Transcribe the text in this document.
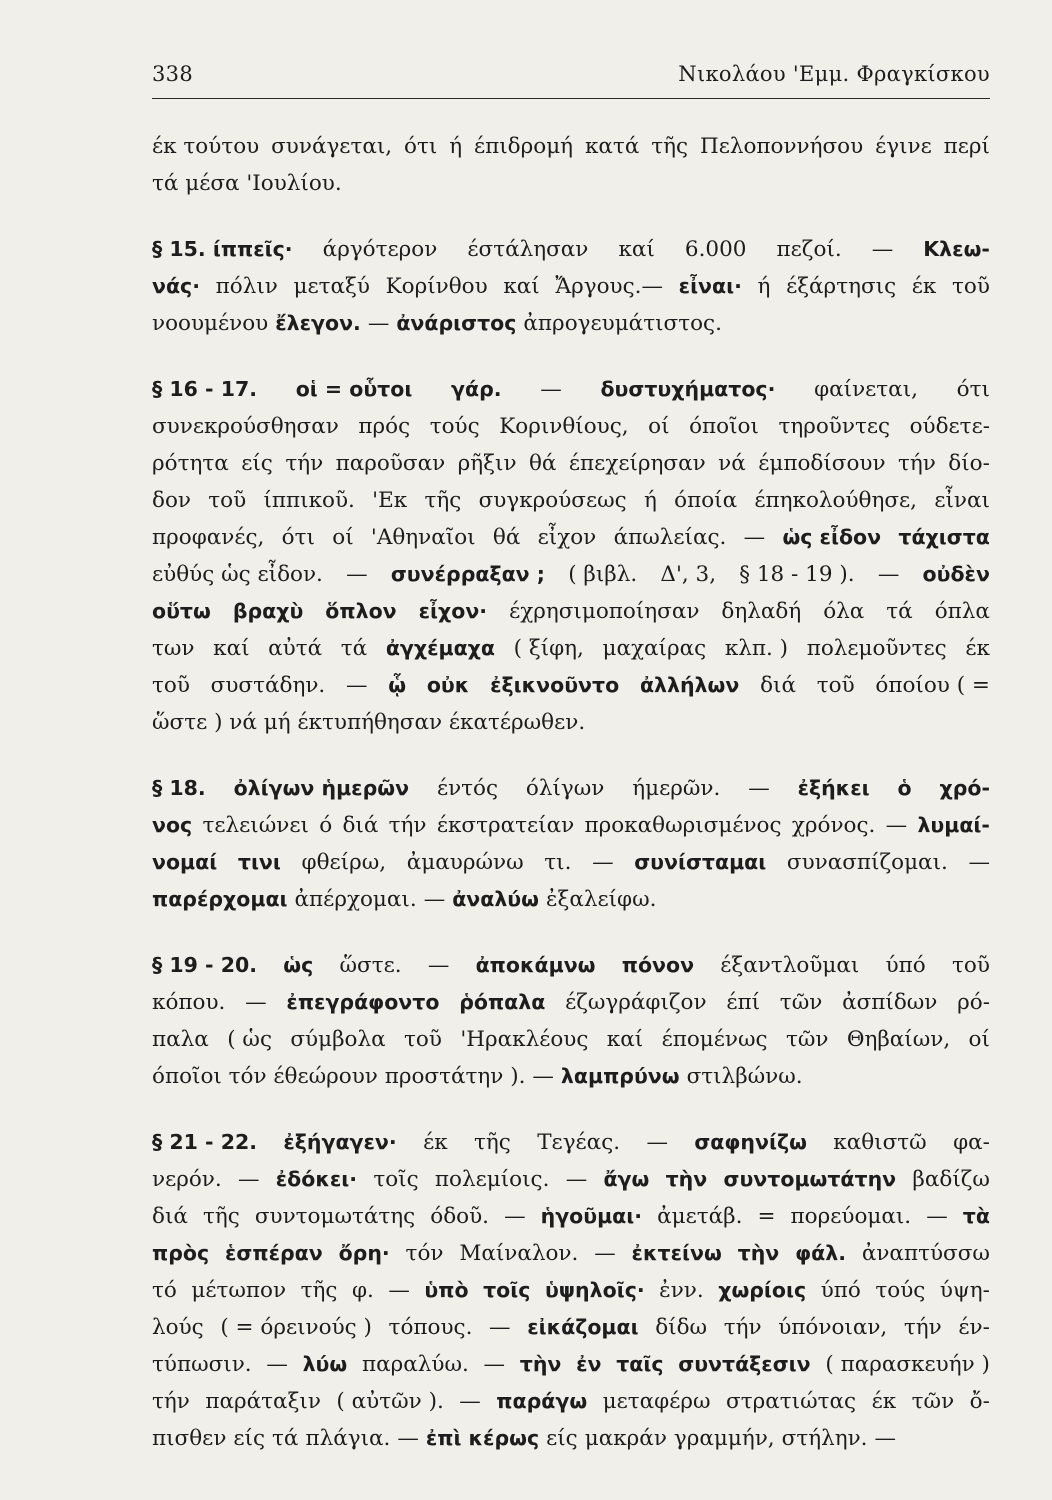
338	Νικολάου 'Εμμ. Φραγκίσκου
έκ τούτου συνάγεται, ότι ή έπιδρομή κατά τῆς Πελοποννήσου έγινε περί
τά μέσα 'Ιουλίου.
§ 15. ίππεῖς· άργότερον έστάλησαν καί 6.000 πεζοί. — Κλεω-
νάς· πόλιν μεταξύ Κορίνθου καί Ἄργους.— εἶναι· ή έξάρτησις έκ τοῦ
νοουμένου ἔλεγον. — ἀνάριστος ἀπρογευμάτιστος.
§ 16 - 17. οἱ = οὗτοι γάρ. — δυστυχήματος· φαίνεται, ότι
συνεκρούσθησαν πρός τούς Κορινθίους, οί όποῖοι τηροῦντες ούδετε-
ρότητα είς τήν παροῦσαν ρῆξιν θά έπεχείρησαν νά έμποδίσουν τήν δίο-
δον τοῦ ίππικοῦ. 'Εκ τῆς συγκρούσεως ή όποία έπηκολούθησε, εἶναι
προφανές, ότι οί 'Αθηναῖοι θά εἶχον άπωλείας. — ὡς εἶδον τάχιστα
εὐθύς ὡς εἶδον. — συνέρραξαν ; ( βιβλ. Δ', 3, § 18 - 19 ). — οὐδὲν
οὕτω βραχὺ ὅπλον εἶχον· έχρησιμοποίησαν δηλαδή όλα τά όπλα
των καί αὐτά τά ἀγχέμαχα ( ξίφη, μαχαίρας κλπ. ) πολεμοῦντες έκ
τοῦ συστάδην. — ᾧ οὐκ ἐξικνοῦντο ἀλλήλων διά τοῦ όποίου ( =
ὥστε ) νά μή έκτυπήθησαν έκατέρωθεν.
§ 18. ὀλίγων ἡμερῶν έντός όλίγων ήμερῶν. — ἐξήκει ὁ χρό-
νος τελειώνει ό διά τήν έκστρατείαν προκαθωρισμένος χρόνος. — λυμαί-
νομαί τινι φθείρω, ἀμαυρώνω τι. — συνίσταμαι συνασπίζομαι. —
παρέρχομαι ἀπέρχομαι. — ἀναλύω ἐξαλείφω.
§ 19 - 20. ὡς ὥστε. — ἀποκάμνω πόνον έξαντλοῦμαι ύπό τοῦ
κόπου. — ἐπεγράφοντο ῥόπαλα έζωγράφιζον έπί τῶν ἀσπίδων ρό-
παλα ( ὡς σύμβολα τοῦ 'Ηρακλέους καί έπομένως τῶν Θηβαίων, οί
όποῖοι τόν έθεώρουν προστάτην ). — λαμπρύνω στιλβώνω.
§ 21 - 22. ἐξήγαγεν· έκ τῆς Τεγέας. — σαφηνίζω καθιστῶ φα-
νερόν. — ἐδόκει· τοῖς πολεμίοις. — ἄγω τὴν συντομωτάτην βαδίζω
διά τῆς συντομωτάτης όδοῦ. — ἡγοῦμαι· ἀμετάβ. = πορεύομαι. — τὰ
πρὸς ἑσπέραν ὄρη· τόν Μαίναλον. — ἐκτείνω τὴν φάλ. ἀναπτύσσω
τό μέτωπον τῆς φ. — ὑπὸ τοῖς ὑψηλοῖς· ἐνν. χωρίοις ύπό τούς ύψη-
λούς ( = όρεινούς ) τόπους. — εἰκάζομαι δίδω τήν ύπόνοιαν, τήν έν-
τύπωσιν. — λύω παραλύω. — τὴν ἐν ταῖς συντάξεσιν ( παρασκευήν )
τήν παράταξιν ( αὐτῶν ). — παράγω μεταφέρω στρατιώτας έκ τῶν ὄ-
πισθεν είς τά πλάγια. — ἐπὶ κέρως είς μακράν γραμμήν, στήλην. —
